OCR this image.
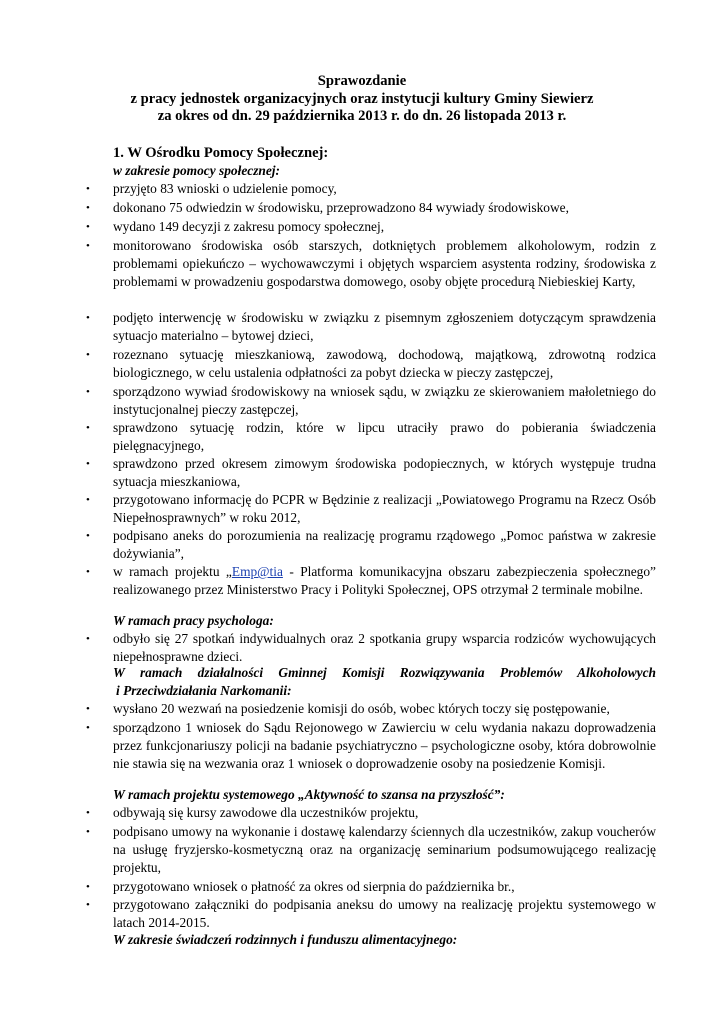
Sprawozdanie
z pracy jednostek organizacyjnych oraz instytucji kultury Gminy Siewierz
za okres od dn. 29 października 2013 r. do dn. 26 listopada 2013 r.
1. W Ośrodku Pomocy Społecznej:
w zakresie pomocy społecznej:
• przyjęto 83 wnioski o udzielenie pomocy,
• dokonano 75 odwiedzin w środowisku, przeprowadzono 84 wywiady środowiskowe,
• wydano 149 decyzji z zakresu pomocy społecznej,
• monitorowano środowiska osób starszych, dotkniętych problemem alkoholowym, rodzin z problemami opiekuńczo – wychowawczymi i objętych wsparciem asystenta rodziny, środowiska z problemami w prowadzeniu gospodarstwa domowego, osoby objęte procedurą Niebieskiej Karty,
• podjęto interwencję w środowisku w związku z pisemnym zgłoszeniem dotyczącym sprawdzenia sytuacjo materialno – bytowej dzieci,
• rozeznano sytuację mieszkaniową, zawodową, dochodową, majątkową, zdrowotną rodzica biologicznego, w celu ustalenia odpłatności za pobyt dziecka w pieczy zastępczej,
• sporządzono wywiad środowiskowy na wniosek sądu, w związku ze skierowaniem małoletniego do instytucjonalnej pieczy zastępczej,
• sprawdzono sytuację rodzin, które w lipcu utraciły prawo do pobierania świadczenia pielęgnacyjnego,
• sprawdzono przed okresem zimowym środowiska podopiecznych, w których występuje trudna sytuacja mieszkaniowa,
• przygotowano informację do PCPR w Będzinie z realizacji „Powiatowego Programu na Rzecz Osób Niepełnosprawnych” w roku 2012,
• podpisano aneks do porozumienia na realizację programu rządowego „Pomoc państwa w zakresie dożywiania”,
• w ramach projektu „Emp@tia - Platforma komunikacyjna obszaru zabezpieczenia społecznego” realizowanego przez Ministerstwo Pracy i Polityki Społecznej, OPS otrzymał 2 terminale mobilne.
W ramach pracy psychologa:
• odbyło się 27 spotkań indywidualnych oraz 2 spotkania grupy wsparcia rodziców wychowujących niepełnosprawne dzieci.
W ramach działalności Gminnej Komisji Rozwiązywania Problemów Alkoholowych
i Przeciwdziałania Narkomanii:
• wysłano 20 wezwań na posiedzenie komisji do osób, wobec których toczy się postępowanie,
• sporządzono 1 wniosek do Sądu Rejonowego w Zawierciu w celu wydania nakazu doprowadzenia przez funkcjonariuszy policji na badanie psychiatryczno – psychologiczne osoby, która dobrowolnie nie stawia się na wezwania oraz 1 wniosek o doprowadzenie osoby na posiedzenie Komisji.
W ramach projektu systemowego „Aktywność to szansa na przyszłość”:
• odbywają się kursy zawodowe dla uczestników projektu,
• podpisano umowy na wykonanie i dostawę kalendarzy ściennych dla uczestników, zakup voucherów na usługę fryzjersko-kosmetyczną oraz na organizację seminarium podsumowującego realizację projektu,
• przygotowano wniosek o płatność za okres od sierpnia do października br.,
• przygotowano załączniki do podpisania aneksu do umowy na realizację projektu systemowego w latach 2014-2015.
W zakresie świadczeń rodzinnych i funduszu alimentacyjnego:
